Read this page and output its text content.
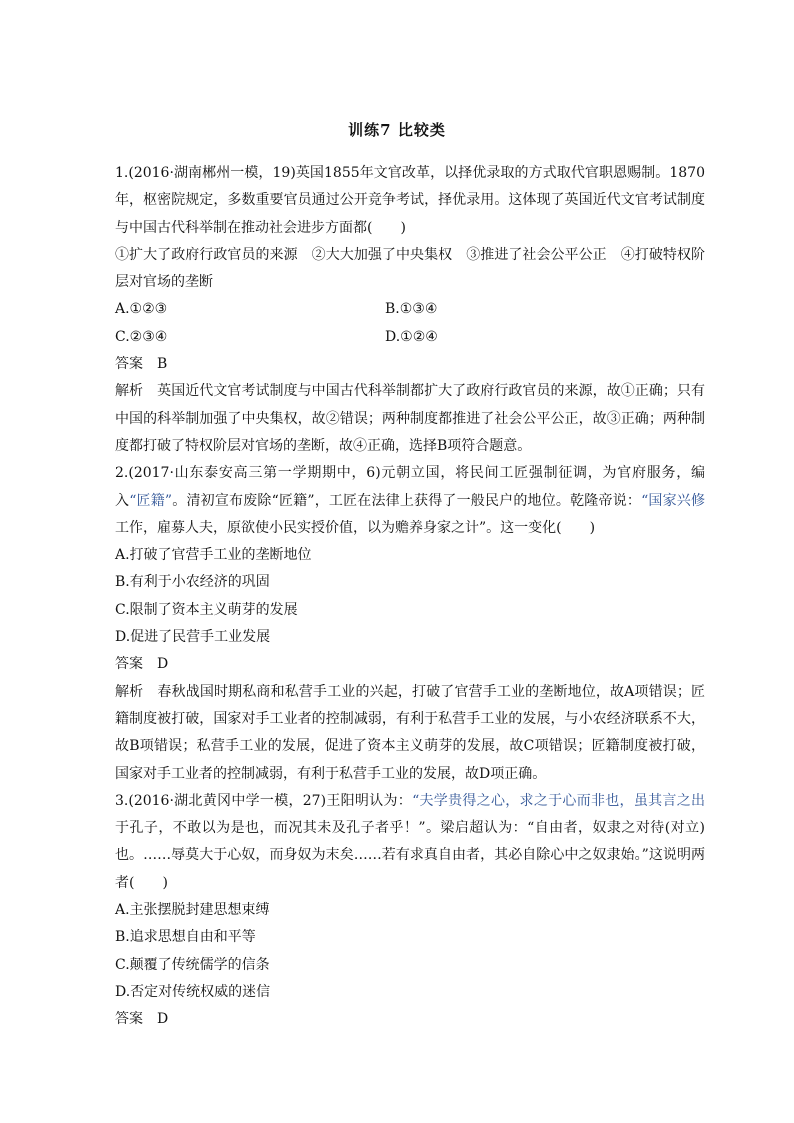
训练7 比较类

1.(2016·湖南郴州一模，19)英国1855年文官改革，以择优录取的方式取代官职恩赐制。1870年，枢密院规定，多数重要官员通过公开竞争考试，择优录用。这体现了英国近代文官考试制度与中国古代科举制在推动社会进步方面都(　　)

①扩大了政府行政官员的来源　②大大加强了中央集权　③推进了社会公平公正　④打破特权阶层对官场的垄断

A.①②③	B.①③④
C.②③④	D.①②④

答案　B

解析　英国近代文官考试制度与中国古代科举制都扩大了政府行政官员的来源，故①正确；只有中国的科举制加强了中央集权，故②错误；两种制度都推进了社会公平公正，故③正确；两种制度都打破了特权阶层对官场的垄断，故④正确，选择B项符合题意。

2.(2017·山东泰安高三第一学期期中，6)元朝立国，将民间工匠强制征调，为官府服务，编入“匠籍”。清初宣布废除“匠籍”，工匠在法律上获得了一般民户的地位。乾隆帝说：“国家兴修工作，雇募人夫，原欲使小民实授价值，以为赡养身家之计”。这一变化(　　)

A.打破了官营手工业的垄断地位

B.有利于小农经济的巩固

C.限制了资本主义萌芽的发展

D.促进了民营手工业发展

答案　D

解析　春秋战国时期私商和私营手工业的兴起，打破了官营手工业的垄断地位，故A项错误；匠籍制度被打破，国家对手工业者的控制减弱，有利于私营手工业的发展，与小农经济联系不大，故B项错误；私营手工业的发展，促进了资本主义萌芽的发展，故C项错误；匠籍制度被打破，国家对手工业者的控制减弱，有利于私营手工业的发展，故D项正确。

3.(2016·湖北黄冈中学一模，27)王阳明认为：“夫学贵得之心，求之于心而非也，虽其言之出于孔子，不敢以为是也，而况其未及孔子者乎！”。梁启超认为：“自由者，奴隶之对待(对立)也。……辱莫大于心奴，而身奴为末矣……若有求真自由者，其必自除心中之奴隶始。”这说明两者(　　)

A.主张摆脱封建思想束缚

B.追求思想自由和平等

C.颠覆了传统儒学的信条

D.否定对传统权威的迷信

答案　D
